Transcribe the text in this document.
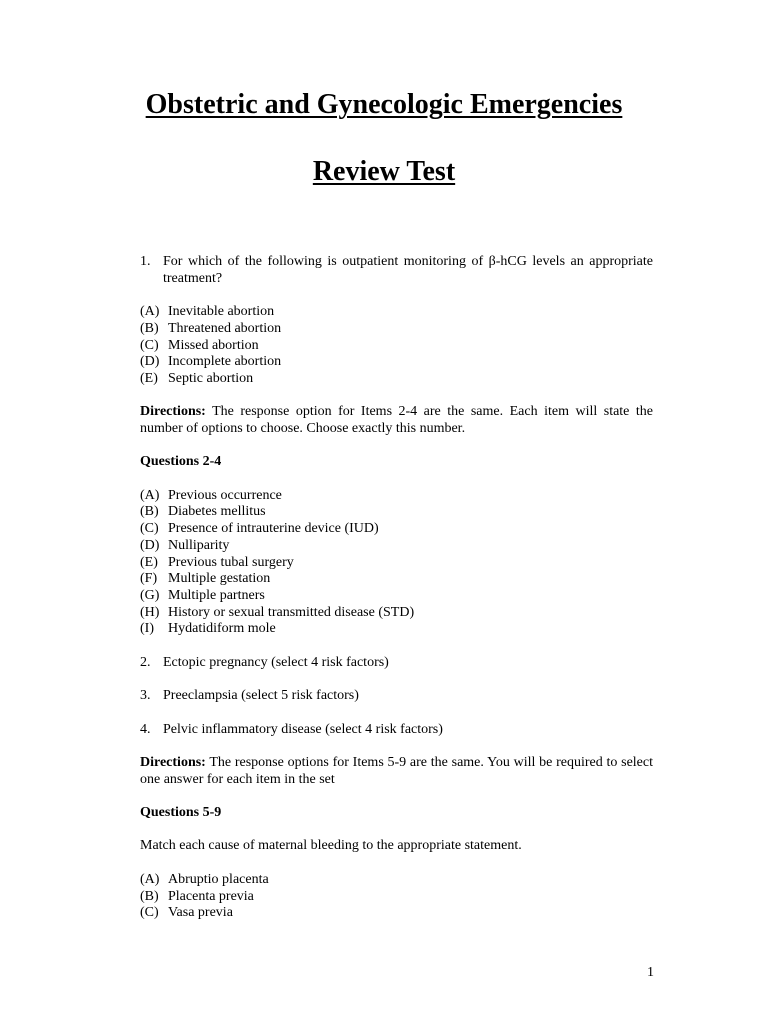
Obstetric and Gynecologic Emergencies
Review Test
1. For which of the following is outpatient monitoring of β-hCG levels an appropriate treatment?
(A) Inevitable abortion
(B) Threatened abortion
(C) Missed abortion
(D) Incomplete abortion
(E) Septic abortion
Directions: The response option for Items 2-4 are the same. Each item will state the number of options to choose. Choose exactly this number.
Questions 2-4
(A) Previous occurrence
(B) Diabetes mellitus
(C) Presence of intrauterine device (IUD)
(D) Nulliparity
(E) Previous tubal surgery
(F) Multiple gestation
(G) Multiple partners
(H) History or sexual transmitted disease (STD)
(I)	Hydatidiform mole
2. Ectopic pregnancy (select 4 risk factors)
3. Preeclampsia (select 5 risk factors)
4. Pelvic inflammatory disease (select 4 risk factors)
Directions: The response options for Items 5-9 are the same. You will be required to select one answer for each item in the set
Questions 5-9
Match each cause of maternal bleeding to the appropriate statement.
(A) Abruptio placenta
(B) Placenta previa
(C) Vasa previa
1
